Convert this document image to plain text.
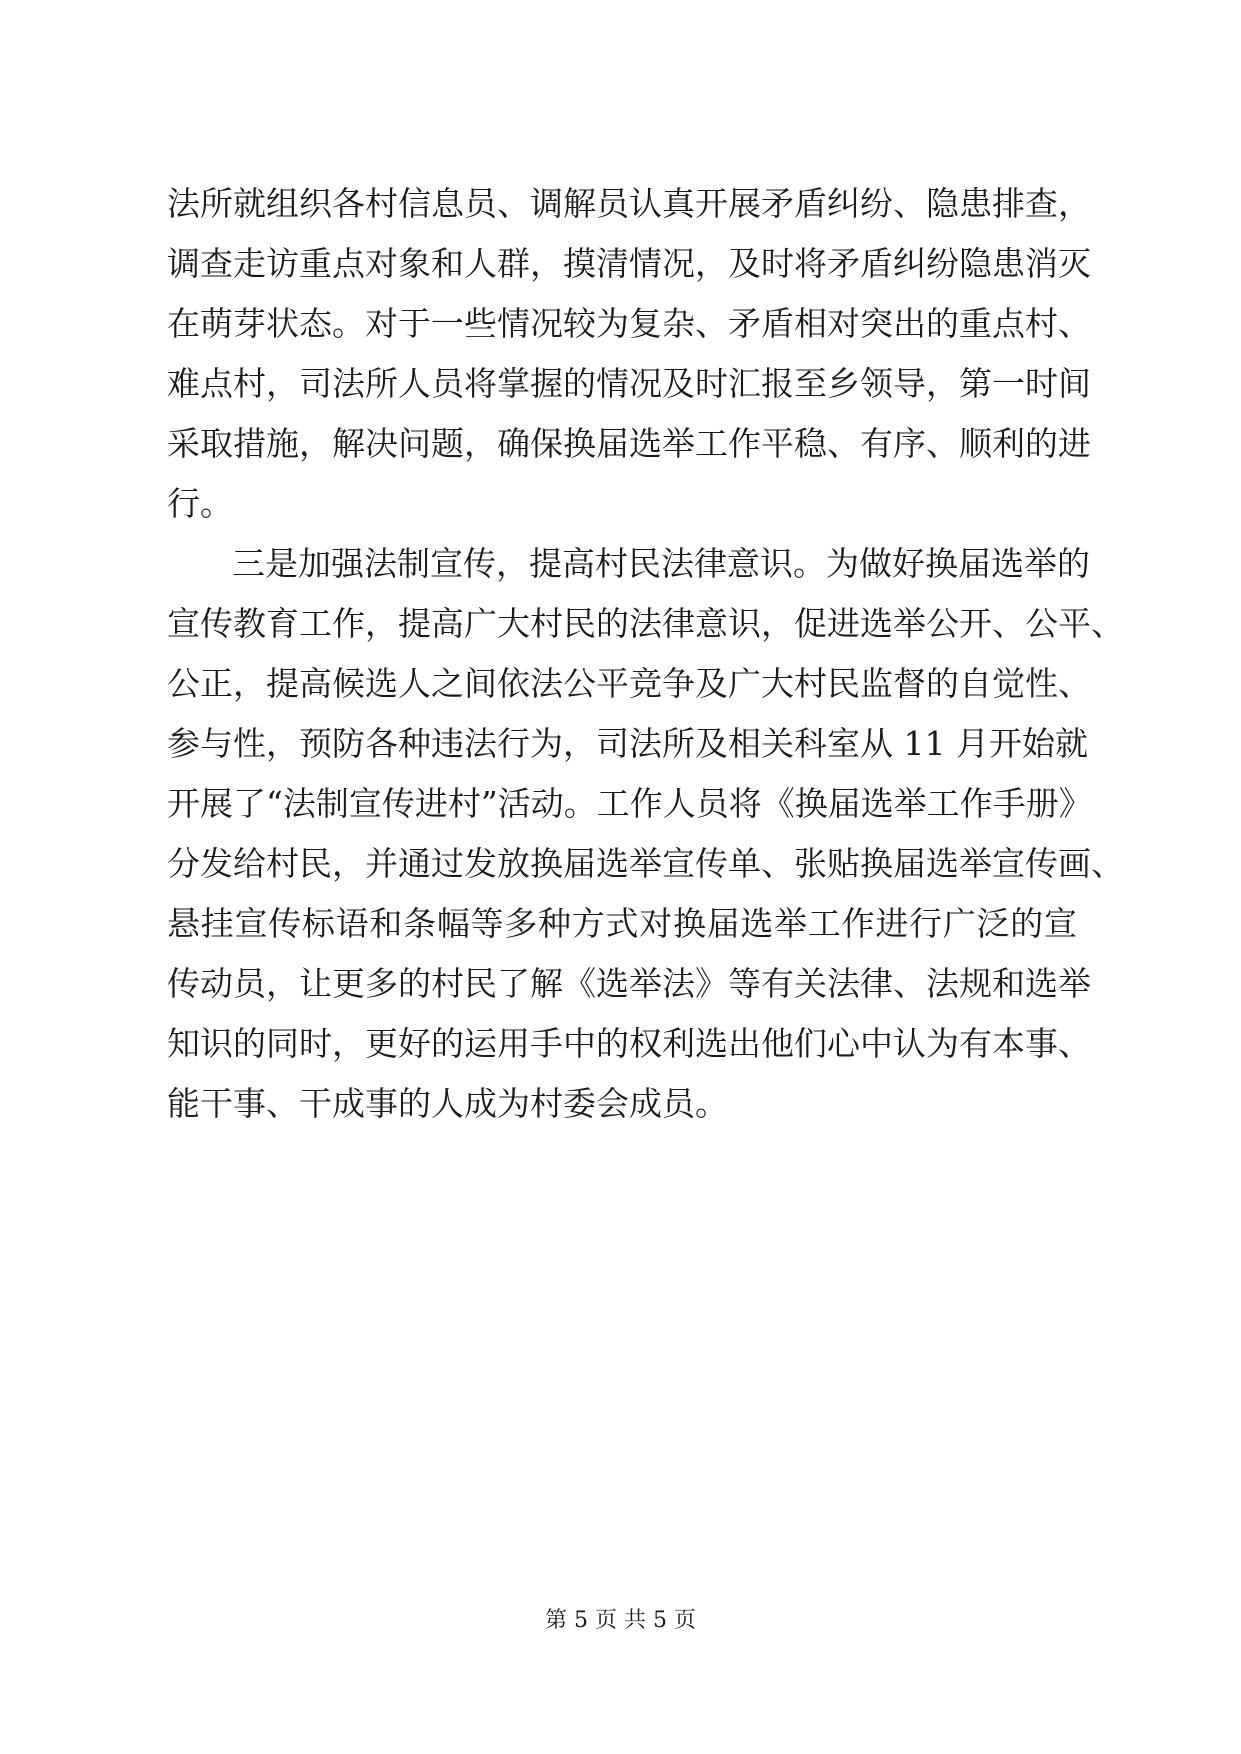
法所就组织各村信息员、调解员认真开展矛盾纠纷、隐患排查，
调查走访重点对象和人群，摸清情况，及时将矛盾纠纷隐患消灭
在萌芽状态。对于一些情况较为复杂、矛盾相对突出的重点村、
难点村，司法所人员将掌握的情况及时汇报至乡领导，第一时间
采取措施，解决问题，确保换届选举工作平稳、有序、顺利的进
行。
三是加强法制宣传，提高村民法律意识。为做好换届选举的
宣传教育工作，提高广大村民的法律意识，促进选举公开、公平、
公正，提高候选人之间依法公平竞争及广大村民监督的自觉性、
参与性，预防各种违法行为，司法所及相关科室从 11 月开始就
开展了“法制宣传进村”活动。工作人员将《换届选举工作手册》
分发给村民，并通过发放换届选举宣传单、张贴换届选举宣传画、
悬挂宣传标语和条幅等多种方式对换届选举工作进行广泛的宣
传动员，让更多的村民了解《选举法》等有关法律、法规和选举
知识的同时，更好的运用手中的权利选出他们心中认为有本事、
能干事、干成事的人成为村委会成员。
第 5 页 共 5 页
